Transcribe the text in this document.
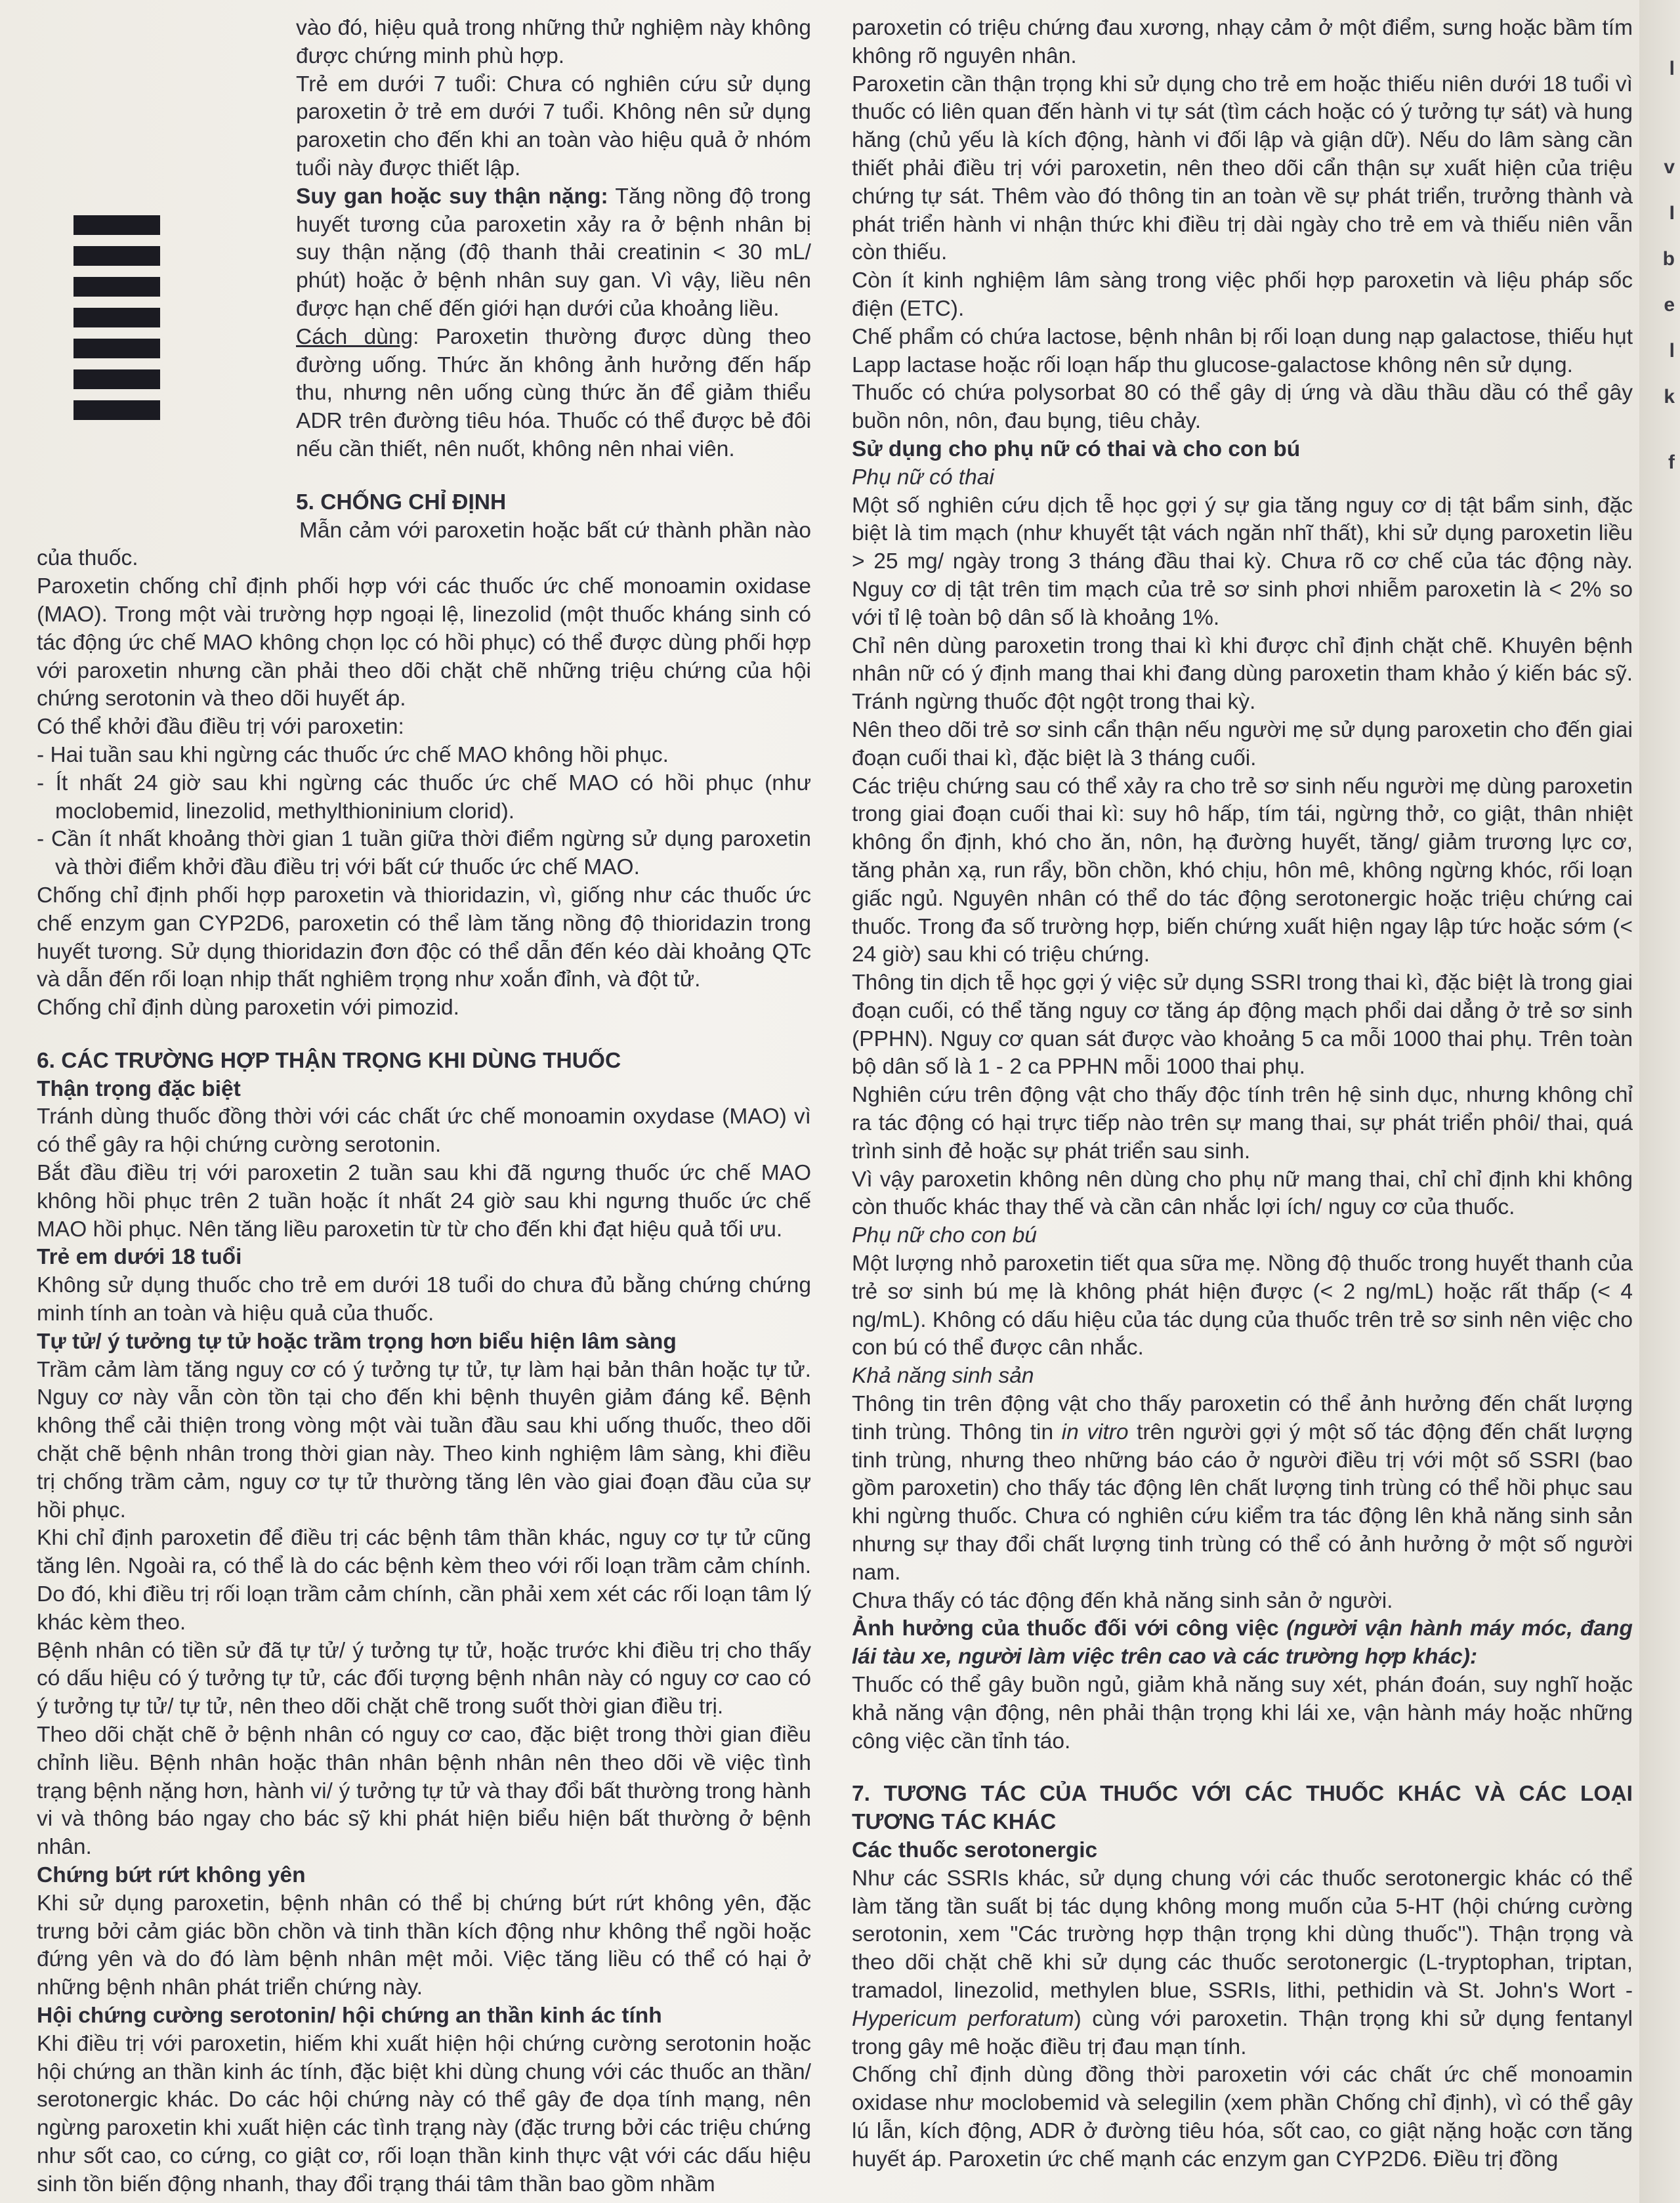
vào đó, hiệu quả trong những thử nghiệm này không được chứng minh phù hợp.

Trẻ em dưới 7 tuổi: Chưa có nghiên cứu sử dụng paroxetin ở trẻ em dưới 7 tuổi. Không nên sử dụng paroxetin cho đến khi an toàn vào hiệu quả ở nhóm tuổi này được thiết lập.

Suy gan hoặc suy thận nặng: Tăng nồng độ trong huyết tương của paroxetin xảy ra ở bệnh nhân bị suy thận nặng (độ thanh thải creatinin < 30 mL/ phút) hoặc ở bệnh nhân suy gan. Vì vậy, liều nên được hạn chế đến giới hạn dưới của khoảng liều.

Cách dùng: Paroxetin thường được dùng theo đường uống. Thức ăn không ảnh hưởng đến hấp thu, nhưng nên uống cùng thức ăn để giảm thiểu ADR trên đường tiêu hóa. Thuốc có thể được bẻ đôi nếu cần thiết, nên nuốt, không nên nhai viên.

5. CHỐNG CHỈ ĐỊNH

Mẫn cảm với paroxetin hoặc bất cứ thành phần nào của thuốc.

Paroxetin chống chỉ định phối hợp với các thuốc ức chế monoamin oxidase (MAO). Trong một vài trường hợp ngoại lệ, linezolid (một thuốc kháng sinh có tác động ức chế MAO không chọn lọc có hồi phục) có thể được dùng phối hợp với paroxetin nhưng cần phải theo dõi chặt chẽ những triệu chứng của hội chứng serotonin và theo dõi huyết áp.

Có thể khởi đầu điều trị với paroxetin:

- Hai tuần sau khi ngừng các thuốc ức chế MAO không hồi phục.

- Ít nhất 24 giờ sau khi ngừng các thuốc ức chế MAO có hồi phục (như moclobemid, linezolid, methylthioninium clorid).

- Cần ít nhất khoảng thời gian 1 tuần giữa thời điểm ngừng sử dụng paroxetin và thời điểm khởi đầu điều trị với bất cứ thuốc ức chế MAO.

Chống chỉ định phối hợp paroxetin và thioridazin, vì, giống như các thuốc ức chế enzym gan CYP2D6, paroxetin có thể làm tăng nồng độ thioridazin trong huyết tương. Sử dụng thioridazin đơn độc có thể dẫn đến kéo dài khoảng QTc và dẫn đến rối loạn nhịp thất nghiêm trọng như xoắn đỉnh, và đột tử.

Chống chỉ định dùng paroxetin với pimozid.

6. CÁC TRƯỜNG HỢP THẬN TRỌNG KHI DÙNG THUỐC

Thận trọng đặc biệt

Tránh dùng thuốc đồng thời với các chất ức chế monoamin oxydase (MAO) vì có thể gây ra hội chứng cường serotonin.

Bắt đầu điều trị với paroxetin 2 tuần sau khi đã ngưng thuốc ức chế MAO không hồi phục trên 2 tuần hoặc ít nhất 24 giờ sau khi ngưng thuốc ức chế MAO hồi phục. Nên tăng liều paroxetin từ từ cho đến khi đạt hiệu quả tối ưu.

Trẻ em dưới 18 tuổi

Không sử dụng thuốc cho trẻ em dưới 18 tuổi do chưa đủ bằng chứng chứng minh tính an toàn và hiệu quả của thuốc.

Tự tử/ ý tưởng tự tử hoặc trầm trọng hơn biểu hiện lâm sàng

Trầm cảm làm tăng nguy cơ có ý tưởng tự tử, tự làm hại bản thân hoặc tự tử. Nguy cơ này vẫn còn tồn tại cho đến khi bệnh thuyên giảm đáng kể. Bệnh không thể cải thiện trong vòng một vài tuần đầu sau khi uống thuốc, theo dõi chặt chẽ bệnh nhân trong thời gian này. Theo kinh nghiệm lâm sàng, khi điều trị chống trầm cảm, nguy cơ tự tử thường tăng lên vào giai đoạn đầu của sự hồi phục.

Khi chỉ định paroxetin để điều trị các bệnh tâm thần khác, nguy cơ tự tử cũng tăng lên. Ngoài ra, có thể là do các bệnh kèm theo với rối loạn trầm cảm chính. Do đó, khi điều trị rối loạn trầm cảm chính, cần phải xem xét các rối loạn tâm lý khác kèm theo.

Bệnh nhân có tiền sử đã tự tử/ ý tưởng tự tử, hoặc trước khi điều trị cho thấy có dấu hiệu có ý tưởng tự tử, các đối tượng bệnh nhân này có nguy cơ cao có ý tưởng tự tử/ tự tử, nên theo dõi chặt chẽ trong suốt thời gian điều trị.

Theo dõi chặt chẽ ở bệnh nhân có nguy cơ cao, đặc biệt trong thời gian điều chỉnh liều. Bệnh nhân hoặc thân nhân bệnh nhân nên theo dõi về việc tình trạng bệnh nặng hơn, hành vi/ ý tưởng tự tử và thay đổi bất thường trong hành vi và thông báo ngay cho bác sỹ khi phát hiện biểu hiện bất thường ở bệnh nhân.

Chứng bứt rứt không yên

Khi sử dụng paroxetin, bệnh nhân có thể bị chứng bứt rứt không yên, đặc trưng bởi cảm giác bồn chồn và tinh thần kích động như không thể ngồi hoặc đứng yên và do đó làm bệnh nhân mệt mỏi. Việc tăng liều có thể có hại ở những bệnh nhân phát triển chứng này.

Hội chứng cường serotonin/ hội chứng an thần kinh ác tính

Khi điều trị với paroxetin, hiếm khi xuất hiện hội chứng cường serotonin hoặc hội chứng an thần kinh ác tính, đặc biệt khi dùng chung với các thuốc an thần/ serotonergic khác. Do các hội chứng này có thể gây đe dọa tính mạng, nên ngừng paroxetin khi xuất hiện các tình trạng này (đặc trưng bởi các triệu chứng như sốt cao, co cứng, co giật cơ, rối loạn thần kinh thực vật với các dấu hiệu sinh tồn biến động nhanh, thay đổi trạng thái tâm thần bao gồm nhầm

paroxetin có triệu chứng đau xương, nhạy cảm ở một điểm, sưng hoặc bầm tím không rõ nguyên nhân.

Paroxetin cần thận trọng khi sử dụng cho trẻ em hoặc thiếu niên dưới 18 tuổi vì thuốc có liên quan đến hành vi tự sát (tìm cách hoặc có ý tưởng tự sát) và hung hăng (chủ yếu là kích động, hành vi đối lập và giận dữ). Nếu do lâm sàng cần thiết phải điều trị với paroxetin, nên theo dõi cẩn thận sự xuất hiện của triệu chứng tự sát. Thêm vào đó thông tin an toàn về sự phát triển, trưởng thành và phát triển hành vi nhận thức khi điều trị dài ngày cho trẻ em và thiếu niên vẫn còn thiếu.

Còn ít kinh nghiệm lâm sàng trong việc phối hợp paroxetin và liệu pháp sốc điện (ETC).

Chế phẩm có chứa lactose, bệnh nhân bị rối loạn dung nạp galactose, thiếu hụt Lapp lactase hoặc rối loạn hấp thu glucose-galactose không nên sử dụng.

Thuốc có chứa polysorbat 80 có thể gây dị ứng và dầu thầu dầu có thể gây buồn nôn, nôn, đau bụng, tiêu chảy.

Sử dụng cho phụ nữ có thai và cho con bú

Phụ nữ có thai

Một số nghiên cứu dịch tễ học gợi ý sự gia tăng nguy cơ dị tật bẩm sinh, đặc biệt là tim mạch (như khuyết tật vách ngăn nhĩ thất), khi sử dụng paroxetin liều > 25 mg/ ngày trong 3 tháng đầu thai kỳ. Chưa rõ cơ chế của tác động này. Nguy cơ dị tật trên tim mạch của trẻ sơ sinh phơi nhiễm paroxetin là < 2% so với tỉ lệ toàn bộ dân số là khoảng 1%.

Chỉ nên dùng paroxetin trong thai kì khi được chỉ định chặt chẽ. Khuyên bệnh nhân nữ có ý định mang thai khi đang dùng paroxetin tham khảo ý kiến bác sỹ. Tránh ngừng thuốc đột ngột trong thai kỳ.

Nên theo dõi trẻ sơ sinh cẩn thận nếu người mẹ sử dụng paroxetin cho đến giai đoạn cuối thai kì, đặc biệt là 3 tháng cuối.

Các triệu chứng sau có thể xảy ra cho trẻ sơ sinh nếu người mẹ dùng paroxetin trong giai đoạn cuối thai kì: suy hô hấp, tím tái, ngừng thở, co giật, thân nhiệt không ổn định, khó cho ăn, nôn, hạ đường huyết, tăng/ giảm trương lực cơ, tăng phản xạ, run rẩy, bồn chồn, khó chịu, hôn mê, không ngừng khóc, rối loạn giấc ngủ. Nguyên nhân có thể do tác động serotonergic hoặc triệu chứng cai thuốc. Trong đa số trường hợp, biến chứng xuất hiện ngay lập tức hoặc sớm (< 24 giờ) sau khi có triệu chứng.

Thông tin dịch tễ học gợi ý việc sử dụng SSRI trong thai kì, đặc biệt là trong giai đoạn cuối, có thể tăng nguy cơ tăng áp động mạch phổi dai dẳng ở trẻ sơ sinh (PPHN). Nguy cơ quan sát được vào khoảng 5 ca mỗi 1000 thai phụ. Trên toàn bộ dân số là 1 - 2 ca PPHN mỗi 1000 thai phụ.

Nghiên cứu trên động vật cho thấy độc tính trên hệ sinh dục, nhưng không chỉ ra tác động có hại trực tiếp nào trên sự mang thai, sự phát triển phôi/ thai, quá trình sinh đẻ hoặc sự phát triển sau sinh.

Vì vậy paroxetin không nên dùng cho phụ nữ mang thai, chỉ chỉ định khi không còn thuốc khác thay thế và cần cân nhắc lợi ích/ nguy cơ của thuốc.

Phụ nữ cho con bú

Một lượng nhỏ paroxetin tiết qua sữa mẹ. Nồng độ thuốc trong huyết thanh của trẻ sơ sinh bú mẹ là không phát hiện được (< 2 ng/mL) hoặc rất thấp (< 4 ng/mL). Không có dấu hiệu của tác dụng của thuốc trên trẻ sơ sinh nên việc cho con bú có thể được cân nhắc.

Khả năng sinh sản

Thông tin trên động vật cho thấy paroxetin có thể ảnh hưởng đến chất lượng tinh trùng. Thông tin in vitro trên người gợi ý một số tác động đến chất lượng tinh trùng, nhưng theo những báo cáo ở người điều trị với một số SSRI (bao gồm paroxetin) cho thấy tác động lên chất lượng tinh trùng có thể hồi phục sau khi ngừng thuốc. Chưa có nghiên cứu kiểm tra tác động lên khả năng sinh sản nhưng sự thay đổi chất lượng tinh trùng có thể có ảnh hưởng ở một số người nam.

Chưa thấy có tác động đến khả năng sinh sản ở người.

Ảnh hưởng của thuốc đối với công việc (người vận hành máy móc, đang lái tàu xe, người làm việc trên cao và các trường hợp khác):

Thuốc có thể gây buồn ngủ, giảm khả năng suy xét, phán đoán, suy nghĩ hoặc khả năng vận động, nên phải thận trọng khi lái xe, vận hành máy hoặc những công việc cần tỉnh táo.

7. TƯƠNG TÁC CỦA THUỐC VỚI CÁC THUỐC KHÁC VÀ CÁC LOẠI TƯƠNG TÁC KHÁC

Các thuốc serotonergic

Như các SSRIs khác, sử dụng chung với các thuốc serotonergic khác có thể làm tăng tần suất bị tác dụng không mong muốn của 5-HT (hội chứng cường serotonin, xem "Các trường hợp thận trọng khi dùng thuốc"). Thận trọng và theo dõi chặt chẽ khi sử dụng các thuốc serotonergic (L-tryptophan, triptan, tramadol, linezolid, methylen blue, SSRIs, lithi, pethidin và St. John's Wort - Hypericum perforatum) cùng với paroxetin. Thận trọng khi sử dụng fentanyl trong gây mê hoặc điều trị đau mạn tính.

Chống chỉ định dùng đồng thời paroxetin với các chất ức chế monoamin oxidase như moclobemid và selegilin (xem phần Chống chỉ định), vì có thể gây lú lẫn, kích động, ADR ở đường tiêu hóa, sốt cao, co giật nặng hoặc cơn tăng huyết áp. Paroxetin ức chế mạnh các enzym gan CYP2D6. Điều trị đồng

l
v
I
b
e
l
k
f
